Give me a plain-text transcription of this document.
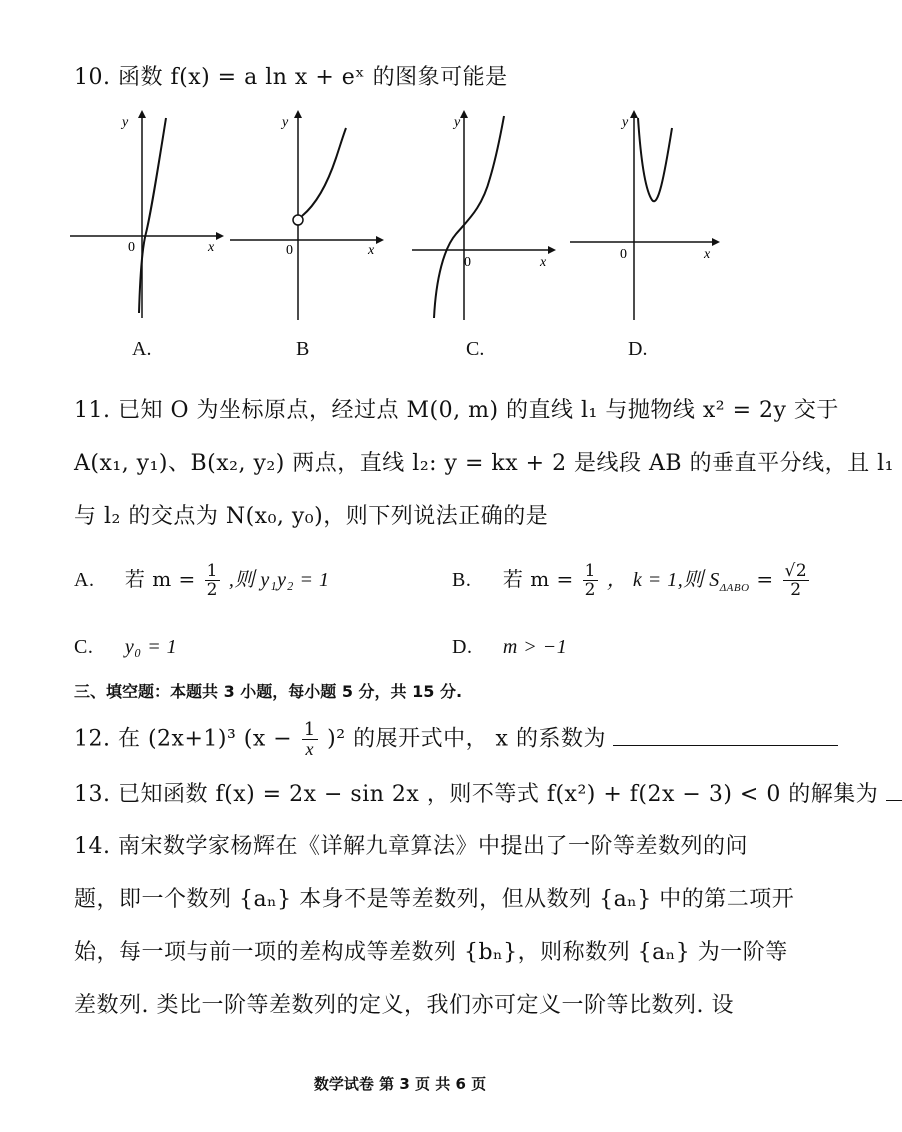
10. 函数 f(x) = a ln x + eˣ 的图象可能是
y
0	x
A.
y
0	x
B
y
0	x
C.
y
0	x
D.
11. 已知 O 为坐标原点，经过点 M(0, m) 的直线 l₁ 与抛物线 x² = 2y 交于
A(x₁, y₁)、B(x₂, y₂) 两点，直线 l₂: y = kx + 2 是线段 AB 的垂直平分线，且 l₁
与 l₂ 的交点为 N(x₀, y₀)，则下列说法正确的是
A. 若 $m = \frac{1}{2}$ ,则 y₁y₂ = 1	B. 若 $m = \frac{1}{2}$ ， k = 1,则 $S_{\Delta ABO} = \frac{√2}{2}$
C. y₀ = 1	D. m > −1
三、填空题：本题共 3 小题，每小题 5 分，共 15 分.
12. 在 (2x+1)³ $(x - \frac{1}{x} )^2$ 的展开式中， x 的系数为
13. 已知函数 f(x) = 2x − sin 2x ，则不等式 f(x²) + f(2x − 3) < 0 的解集为
14. 南宋数学家杨辉在《详解九章算法》中提出了一阶等差数列的问
题，即一个数列 {aₙ} 本身不是等差数列，但从数列 {aₙ} 中的第二项开
始，每一项与前一项的差构成等差数列 {bₙ}，则称数列 {aₙ} 为一阶等
差数列. 类比一阶等差数列的定义，我们亦可定义一阶等比数列. 设
数学试卷 第 3 页 共 6 页
